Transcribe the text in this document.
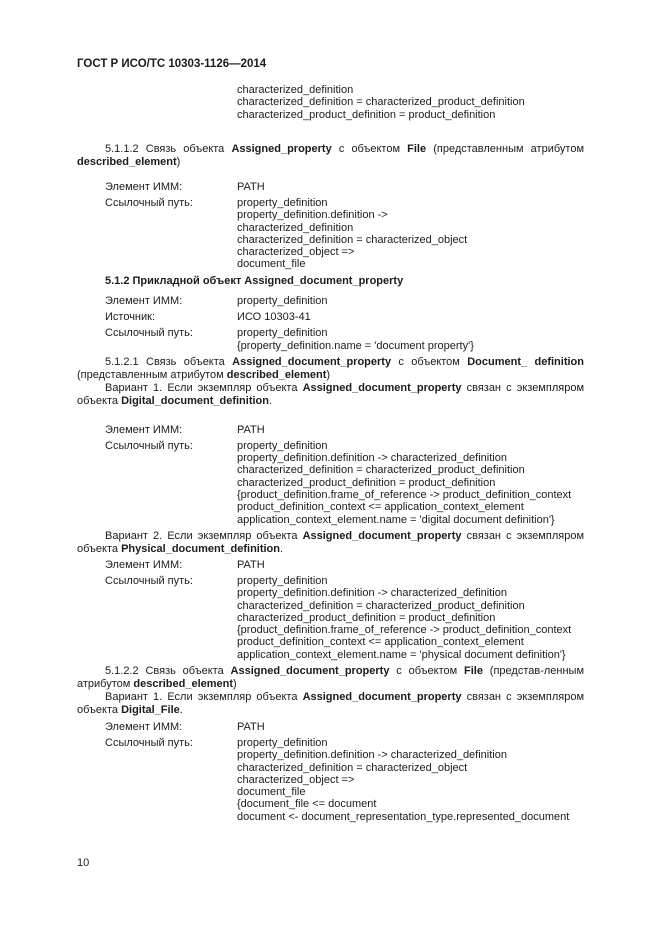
ГОСТ Р ИСО/ТС 10303-1126—2014
characterized_definition
characterized_definition = characterized_product_definition
characterized_product_definition = product_definition

5.1.1.2 Связь объекта Assigned_property с объектом File (представленным атрибутом described_element)

Элемент ИММ:	PATH
Ссылочный путь:	property_definition
property_definition.definition ->
characterized_definition
characterized_definition = characterized_object
characterized_object =>
document_file
5.1.2 Прикладной объект Assigned_document_property
Элемент ИММ:	property_definition
Источник:	ИСО 10303-41
Ссылочный путь:	property_definition
{property_definition.name = 'document property'}

5.1.2.1 Связь объекта Assigned_document_property с объектом Document_ definition (представленным атрибутом described_element)

Вариант 1. Если экземпляр объекта Assigned_document_property связан с экземпляром объекта Digital_document_definition.

Элемент ИММ:	PATH
Ссылочный путь:	property_definition
property_definition.definition -> characterized_definition
characterized_definition = characterized_product_definition
characterized_product_definition = product_definition
{product_definition.frame_of_reference -> product_definition_context
product_definition_context <= application_context_element
application_context_element.name = 'digital document definition'}

Вариант 2. Если экземпляр объекта Assigned_document_property связан с экземпляром объекта Physical_document_definition.

Элемент ИММ:	PATH
Ссылочный путь:	property_definition
property_definition.definition -> characterized_definition
characterized_definition = characterized_product_definition
characterized_product_definition = product_definition
{product_definition.frame_of_reference -> product_definition_context
product_definition_context <= application_context_element
application_context_element.name = 'physical document definition'}

5.1.2.2 Связь объекта Assigned_document_property с объектом File (представ-ленным атрибутом described_element)

Вариант 1. Если экземпляр объекта Assigned_document_property связан с экземпляром объекта Digital_File.

Элемент ИММ:	PATH
Ссылочный путь:	property_definition
property_definition.definition -> characterized_definition
characterized_definition = characterized_object
characterized_object =>
document_file
{document_file <= document
document <- document_representation_type.represented_document
10
